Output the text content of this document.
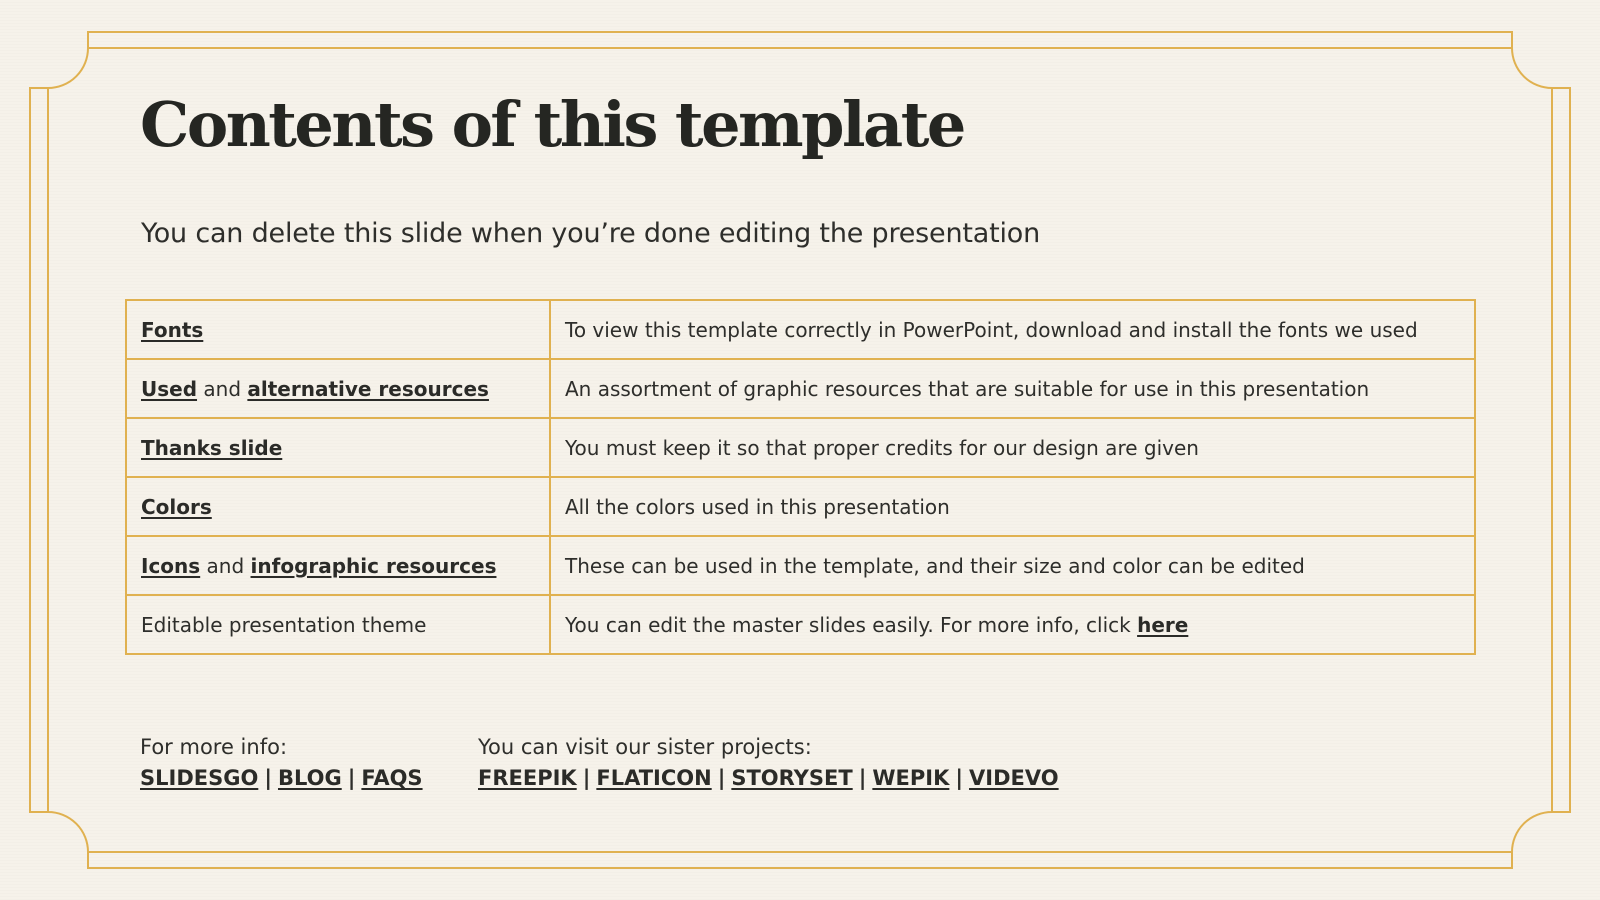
Contents of this template

You can delete this slide when you’re done editing the presentation

Fonts	To view this template correctly in PowerPoint, download and install the fonts we used
Used and alternative resources	An assortment of graphic resources that are suitable for use in this presentation
Thanks slide	You must keep it so that proper credits for our design are given
Colors	All the colors used in this presentation
Icons and infographic resources	These can be used in the template, and their size and color can be edited
Editable presentation theme	You can edit the master slides easily. For more info, click here
For more info:
SLIDESGO | BLOG | FAQS
You can visit our sister projects:
FREEPIK | FLATICON | STORYSET | WEPIK | VIDEVO
